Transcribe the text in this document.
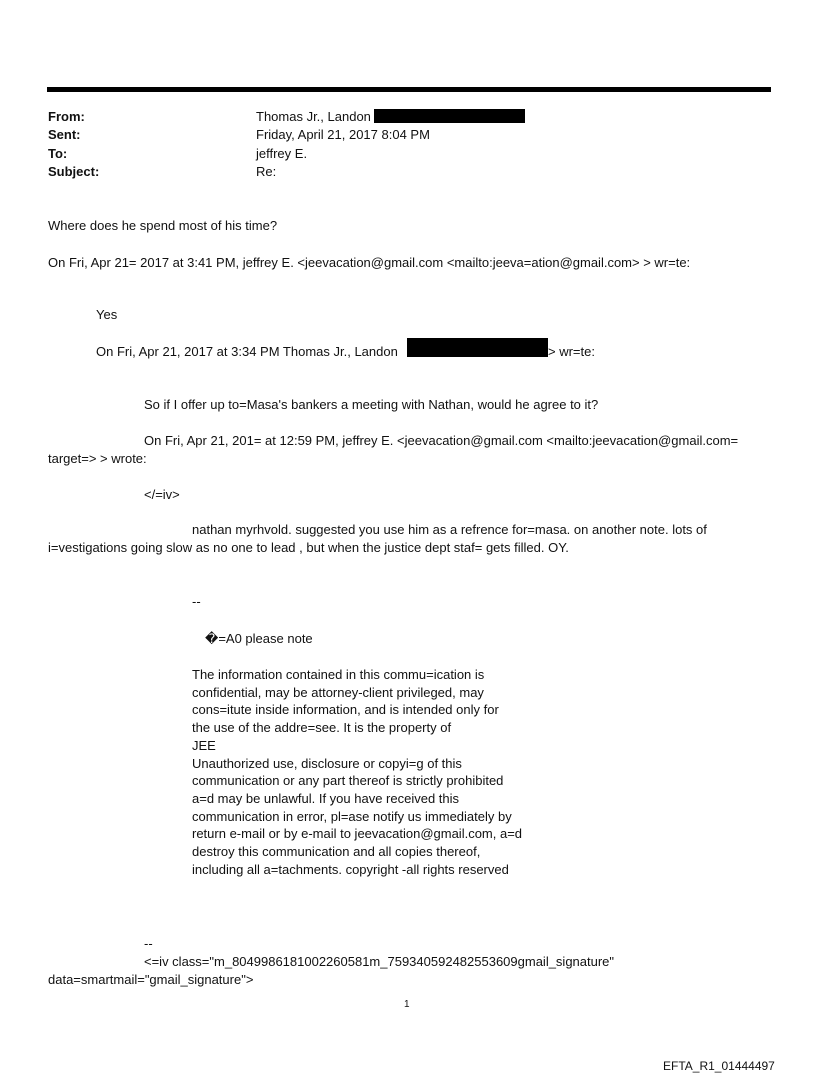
From:	Thomas Jr., Landon
Sent:	Friday, April 21, 2017 8:04 PM
To:	jeffrey E.
Subject:	Re:
Where does he spend most of his time?
On Fri, Apr 21= 2017 at 3:41 PM, jeffrey E. <jeevacation@gmail.com <mailto:jeeva=ation@gmail.com> > wr=te:
Yes
On Fri, Apr 21, 2017 at 3:34 PM Thomas Jr., Landon	> wr=te:
So if I offer up to=Masa's bankers a meeting with Nathan, would he agree to it?
On Fri, Apr 21, 201= at 12:59 PM, jeffrey E. <jeevacation@gmail.com <mailto:jeevacation@gmail.com=
target=> > wrote:
</=iv>
nathan myrhvold. suggested you use him as a refrence for=masa. on another note. lots of
i=vestigations going slow as no one to lead , but when the justice dept staf= gets filled. OY.
--
�=A0 please note
The information contained in this commu=ication is
confidential, may be attorney-client privileged, may
cons=itute inside information, and is intended only for
the use of the addre=see. It is the property of
JEE
Unauthorized use, disclosure or copyi=g of this
communication or any part thereof is strictly prohibited
a=d may be unlawful. If you have received this
communication in error, pl=ase notify us immediately by
return e-mail or by e-mail to jeevacation@gmail.com, a=d
destroy this communication and all copies thereof,
including all a=tachments. copyright -all rights reserved
--
<=iv class="m_8049986181002260581m_759340592482553609gmail_signature"
data=smartmail="gmail_signature">
1
EFTA_R1_01444497
